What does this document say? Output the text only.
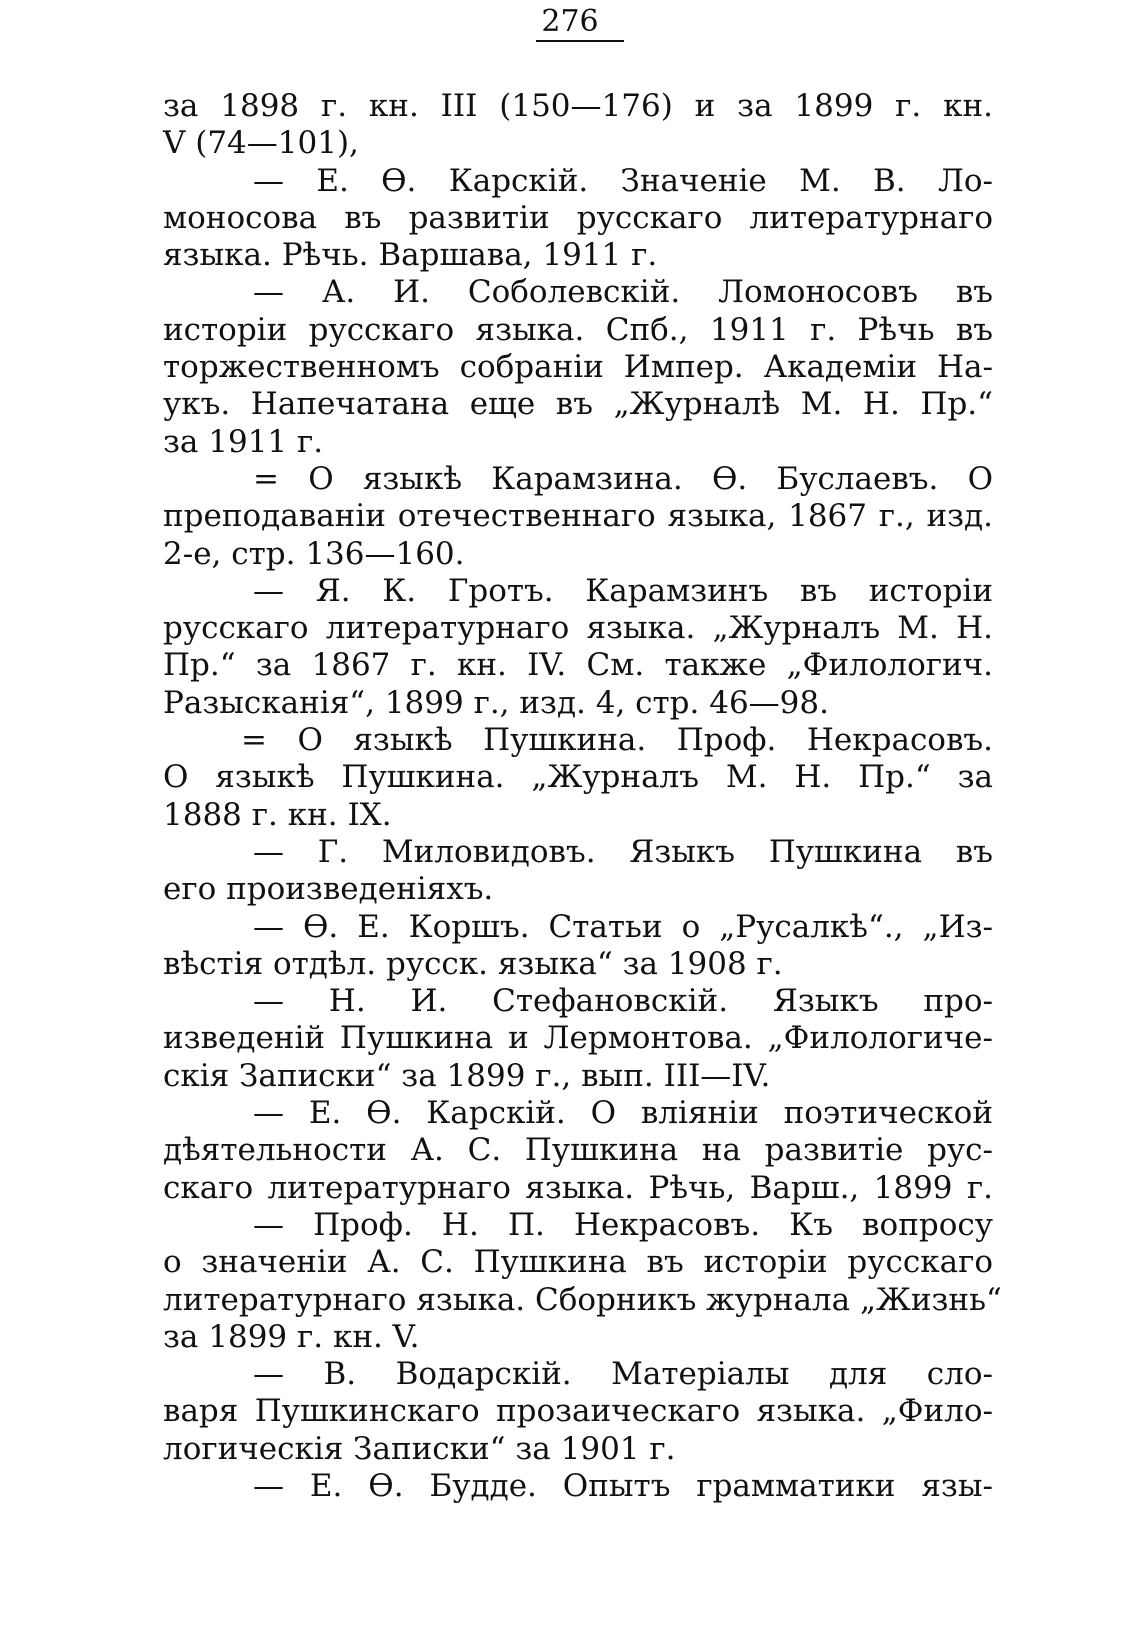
276
за 1898 г. кн. III (150—176) и за 1899 г. кн.
V (74—101),
— Е. Ѳ. Карскій. Значеніе М. В. Ло-
моносова въ развитіи русскаго литературнаго
языка. Рѣчь. Варшава, 1911 г.
— А. И. Соболевскій. Ломоносовъ въ
исторіи русскаго языка. Спб., 1911 г. Рѣчь въ
торжественномъ собраніи Импер. Академіи На-
укъ. Напечатана еще въ „Журналѣ М. Н. Пр.“
за 1911 г.
= О языкѣ Карамзина. Ѳ. Буслаевъ. О
преподаваніи отечественнаго языка, 1867 г., изд.
2-е, стр. 136—160.
— Я. К. Гротъ. Карамзинъ въ исторіи
русскаго литературнаго языка. „Журналъ М. Н.
Пр.“ за 1867 г. кн. IV. См. также „Филологич.
Разысканія“, 1899 г., изд. 4, стр. 46—98.
= О языкѣ Пушкина. Проф. Некрасовъ.
О языкѣ Пушкина. „Журналъ М. Н. Пр.“ за
1888 г. кн. IX.
— Г. Миловидовъ. Языкъ Пушкина въ
его произведеніяхъ.
— Ѳ. Е. Коршъ. Статьи о „Русалкѣ“., „Из-
вѣстія отдѣл. русск. языка“ за 1908 г.
— Н. И. Стефановскій. Языкъ про-
изведеній Пушкина и Лермонтова. „Филологиче-
скія Записки“ за 1899 г., вып. III—IV.
— Е. Ѳ. Карскій. О вліяніи поэтической
дѣятельности А. С. Пушкина на развитіе рус-
скаго литературнаго языка. Рѣчь, Варш., 1899 г.
— Проф. Н. П. Некрасовъ. Къ вопросу
о значеніи А. С. Пушкина въ исторіи русскаго
литературнаго языка. Сборникъ журнала „Жизнь“
за 1899 г. кн. V.
— В. Водарскій. Матеріалы для сло-
варя Пушкинскаго прозаическаго языка. „Фило-
логическія Записки“ за 1901 г.
— Е. Ѳ. Будде. Опытъ грамматики язы-
